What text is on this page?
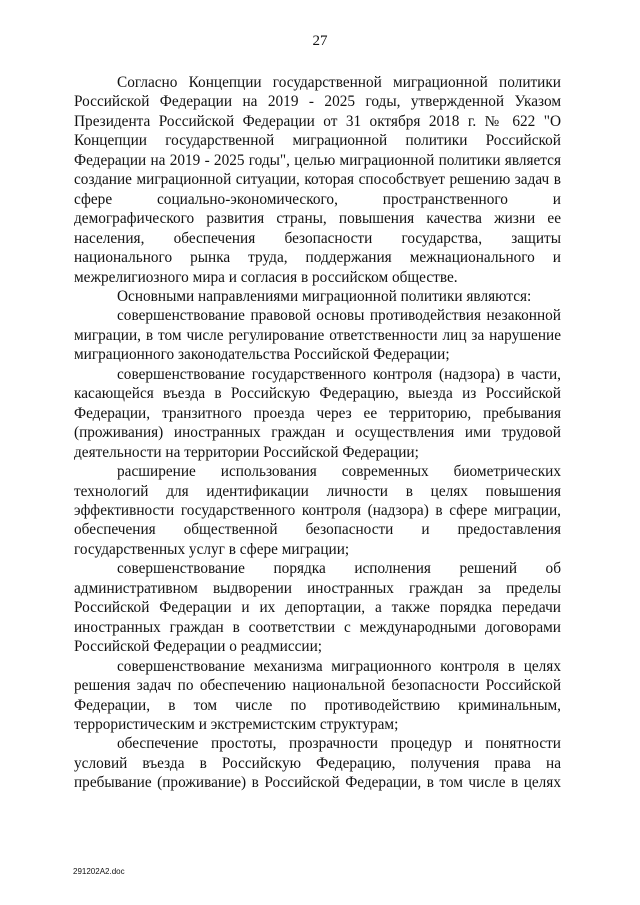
27

Согласно Концепции государственной миграционной политики Российской Федерации на 2019 - 2025 годы, утвержденной Указом Президента Российской Федерации от 31 октября 2018 г. № 622 "О Концепции государственной миграционной политики Российской Федерации на 2019 - 2025 годы", целью миграционной политики является создание миграционной ситуации, которая способствует решению задач в сфере социально-экономического, пространственного и демографического развития страны, повышения качества жизни ее населения, обеспечения безопасности государства, защиты национального рынка труда, поддержания межнационального и межрелигиозного мира и согласия в российском обществе.

Основными направлениями миграционной политики являются:

совершенствование правовой основы противодействия незаконной миграции, в том числе регулирование ответственности лиц за нарушение миграционного законодательства Российской Федерации;

совершенствование государственного контроля (надзора) в части, касающейся въезда в Российскую Федерацию, выезда из Российской Федерации, транзитного проезда через ее территорию, пребывания (проживания) иностранных граждан и осуществления ими трудовой деятельности на территории Российской Федерации;

расширение использования современных биометрических технологий для идентификации личности в целях повышения эффективности государственного контроля (надзора) в сфере миграции, обеспечения общественной безопасности и предоставления государственных услуг в сфере миграции;

совершенствование порядка исполнения решений об административном выдворении иностранных граждан за пределы Российской Федерации и их депортации, а также порядка передачи иностранных граждан в соответствии с международными договорами Российской Федерации о реадмиссии;

совершенствование механизма миграционного контроля в целях решения задач по обеспечению национальной безопасности Российской Федерации, в том числе по противодействию криминальным, террористическим и экстремистским структурам;

обеспечение простоты, прозрачности процедур и понятности условий въезда в Российскую Федерацию, получения права на пребывание (проживание) в Российской Федерации, в том числе в целях

291202А2.doc
